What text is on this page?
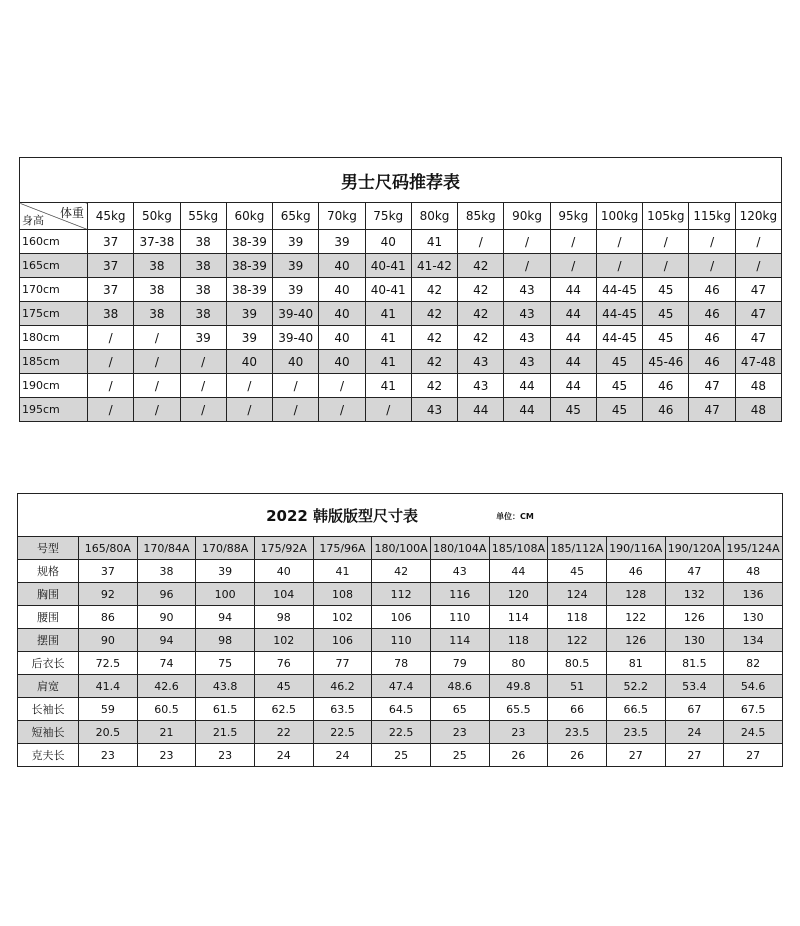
男士尺码推荐表															

体重
身高	45kg	50kg	55kg	60kg	65kg	70kg	75kg	80kg	85kg	90kg	95kg	100kg	105kg	115kg	120kg
160cm	37	37-38	38	38-39	39	39	40	41	/	/	/	/	/	/	/
165cm	37	38	38	38-39	39	40	40-41	41-42	42	/	/	/	/	/	/
170cm	37	38	38	38-39	39	40	40-41	42	42	43	44	44-45	45	46	47
175cm	38	38	38	39	39-40	40	41	42	42	43	44	44-45	45	46	47
180cm	/	/	39	39	39-40	40	41	42	42	43	44	44-45	45	46	47
185cm	/	/	/	40	40	40	41	42	43	43	44	45	45-46	46	47-48
190cm	/	/	/	/	/	/	41	42	43	44	44	45	46	47	48
195cm	/	/	/	/	/	/	/	43	44	44	45	45	46	47	48
2022 韩版版型尺寸表 单位：CM												
号型	165/80A	170/84A	170/88A	175/92A	175/96A	180/100A	180/104A	185/108A	185/112A	190/116A	190/120A	195/124A
规格	37	38	39	40	41	42	43	44	45	46	47	48
胸围	92	96	100	104	108	112	116	120	124	128	132	136
腰围	86	90	94	98	102	106	110	114	118	122	126	130
摆围	90	94	98	102	106	110	114	118	122	126	130	134
后衣长	72.5	74	75	76	77	78	79	80	80.5	81	81.5	82
肩宽	41.4	42.6	43.8	45	46.2	47.4	48.6	49.8	51	52.2	53.4	54.6
长袖长	59	60.5	61.5	62.5	63.5	64.5	65	65.5	66	66.5	67	67.5
短袖长	20.5	21	21.5	22	22.5	22.5	23	23	23.5	23.5	24	24.5
克夫长	23	23	23	24	24	25	25	26	26	27	27	27
